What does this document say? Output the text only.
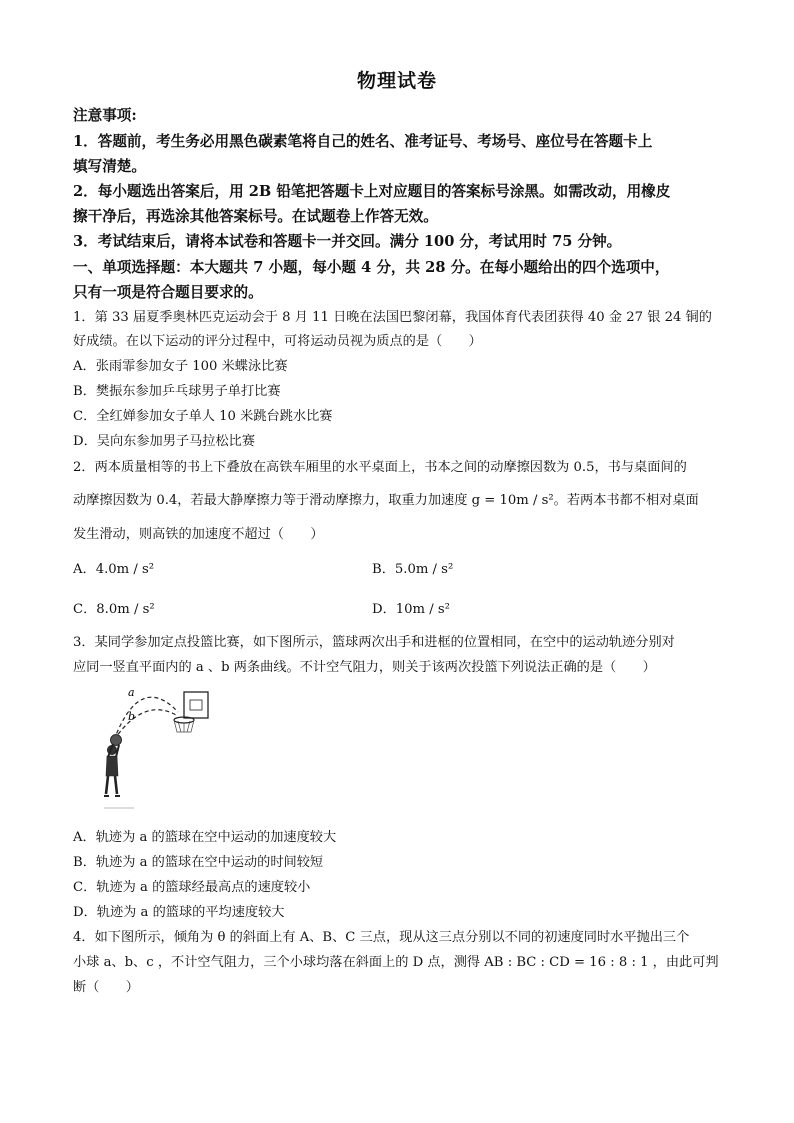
物理试卷
注意事项:
1．答题前，考生务必用黑色碳素笔将自己的姓名、准考证号、考场号、座位号在答题卡上
填写清楚。
2．每小题选出答案后，用 2B 铅笔把答题卡上对应题目的答案标号涂黑。如需改动，用橡皮
擦干净后，再选涂其他答案标号。在试题卷上作答无效。
3．考试结束后，请将本试卷和答题卡一并交回。满分 100 分，考试用时 75 分钟。
一、单项选择题：本大题共 7 小题，每小题 4 分，共 28 分。在每小题给出的四个选项中，
只有一项是符合题目要求的。
1．第 33 届夏季奥林匹克运动会于 8 月 11 日晚在法国巴黎闭幕，我国体育代表团获得 40 金 27 银 24 铜的
好成绩。在以下运动的评分过程中，可将运动员视为质点的是（　　）
A．张雨霏参加女子 100 米蝶泳比赛
B．樊振东参加乒乓球男子单打比赛
C．全红婵参加女子单人 10 米跳台跳水比赛
D．吴向东参加男子马拉松比赛
2．两本质量相等的书上下叠放在高铁车厢里的水平桌面上，书本之间的动摩擦因数为 0.5，书与桌面间的
动摩擦因数为 0.4，若最大静摩擦力等于滑动摩擦力，取重力加速度 g = 10m / s²。若两本书都不相对桌面
发生滑动，则高铁的加速度不超过（　　）
A．4.0m / s²	B．5.0m / s²
C．8.0m / s²	D．10m / s²
3．某同学参加定点投篮比赛，如下图所示，篮球两次出手和进框的位置相同，在空中的运动轨迹分别对
应同一竖直平面内的 a 、b 两条曲线。不计空气阻力，则关于该两次投篮下列说法正确的是（　　）
a
b
A．轨迹为 a 的篮球在空中运动的加速度较大
B．轨迹为 a 的篮球在空中运动的时间较短
C．轨迹为 a 的篮球经最高点的速度较小
D．轨迹为 a 的篮球的平均速度较大
4．如下图所示，倾角为 θ 的斜面上有 A、B、C 三点，现从这三点分别以不同的初速度同时水平抛出三个
小球 a、b、c ，不计空气阻力，三个小球均落在斜面上的 D 点，测得 AB : BC : CD = 16 : 8 : 1 ，由此可判
断（　　）
